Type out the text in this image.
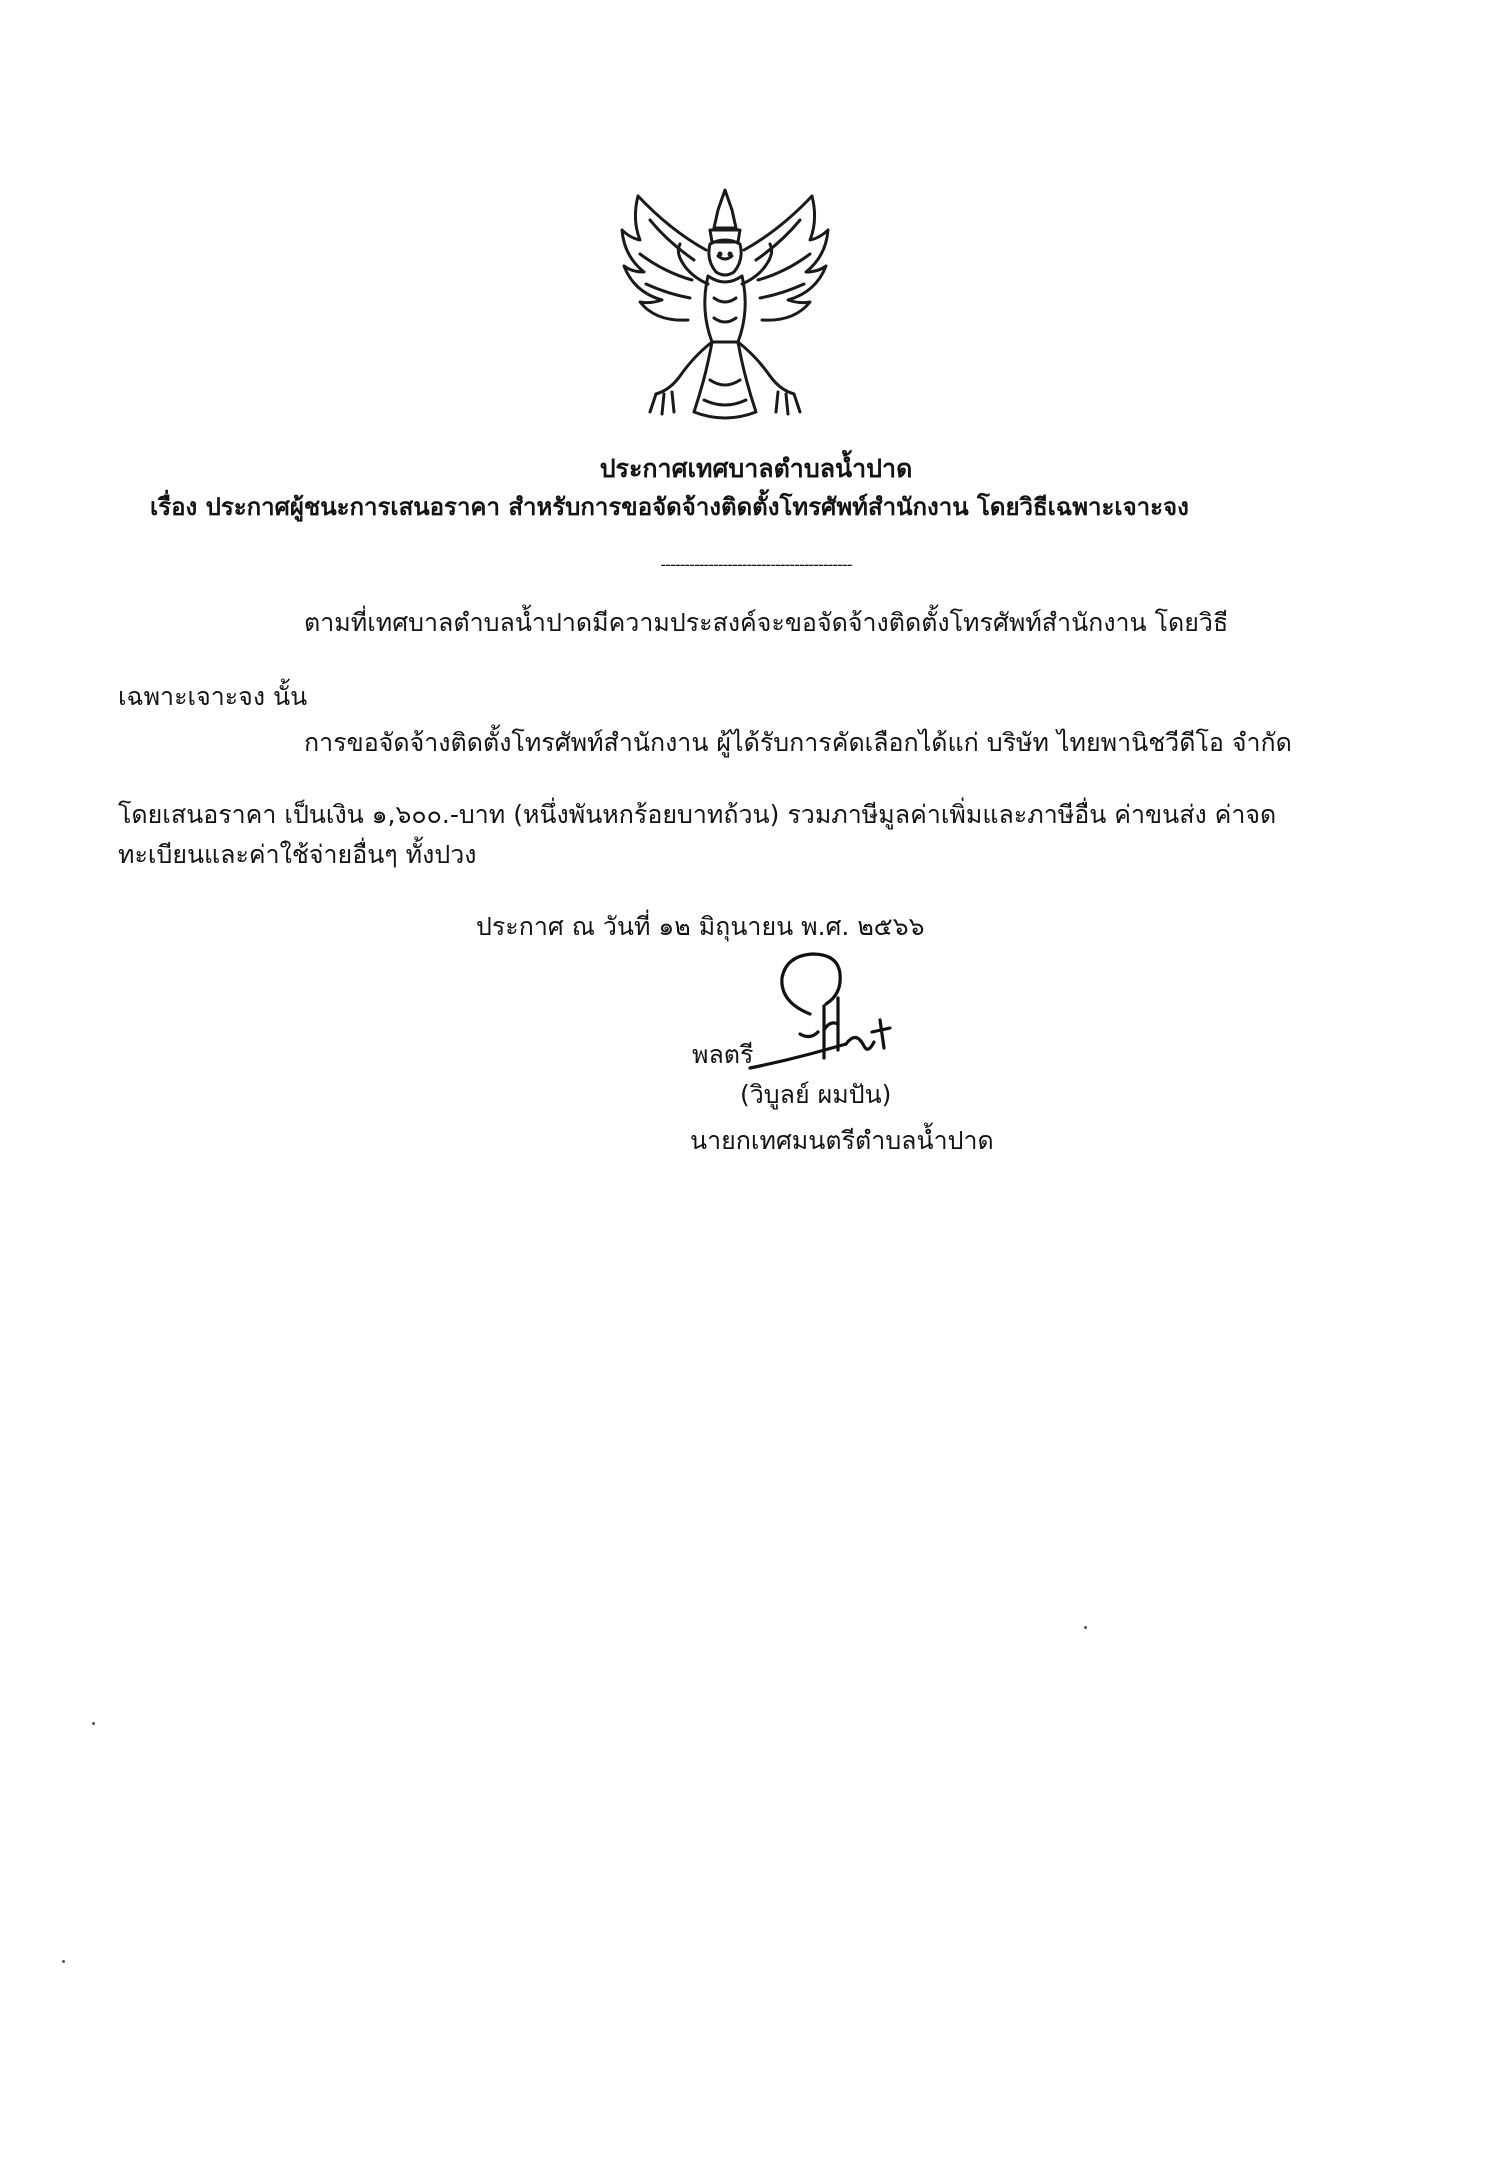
ประกาศเทศบาลตำบลน้ำปาด
เรื่อง ประกาศผู้ชนะการเสนอราคา สำหรับการขอจัดจ้างติดตั้งโทรศัพท์สำนักงาน โดยวิธีเฉพาะเจาะจง
----------------------------------------
ตามที่เทศบาลตำบลน้ำปาดมีความประสงค์จะขอจัดจ้างติดตั้งโทรศัพท์สำนักงาน โดยวิธี
เฉพาะเจาะจง นั้น
การขอจัดจ้างติดตั้งโทรศัพท์สำนักงาน ผู้ได้รับการคัดเลือกได้แก่ บริษัท ไทยพานิชวีดีโอ จำกัด
โดยเสนอราคา เป็นเงิน ๑,๖๐๐.-บาท (หนึ่งพันหกร้อยบาทถ้วน) รวมภาษีมูลค่าเพิ่มและภาษีอื่น ค่าขนส่ง ค่าจด
ทะเบียนและค่าใช้จ่ายอื่นๆ ทั้งปวง
ประกาศ ณ วันที่ ๑๒ มิถุนายน พ.ศ. ๒๕๖๖
พลตรี
(วิบูลย์ ผมปัน)
นายกเทศมนตรีตำบลน้ำปาด
